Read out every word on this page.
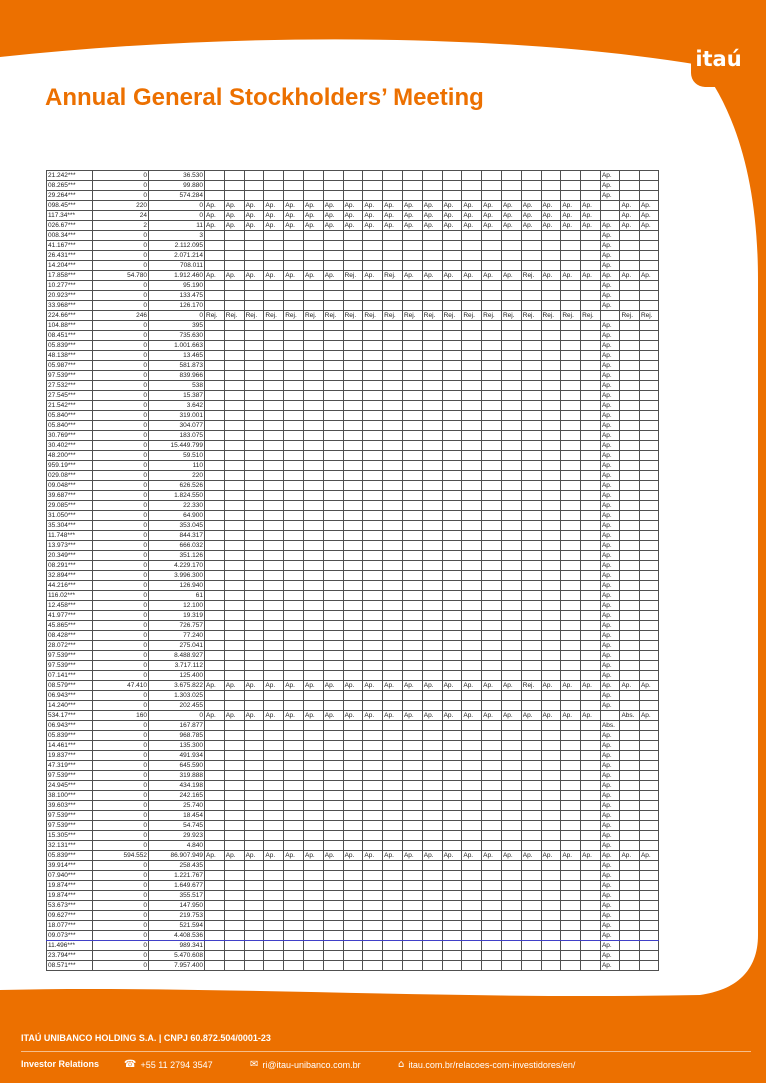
itaú
Annual General Stockholders’ Meeting
21.242***	0	36.530																					Ap.		
08.265***	0	99.880																					Ap.		
29.264***	0	574.284																					Ap.		
098.45***	220	0	Ap.	Ap.	Ap.	Ap.	Ap.	Ap.	Ap.	Ap.	Ap.	Ap.	Ap.	Ap.	Ap.	Ap.	Ap.	Ap.	Ap.	Ap.	Ap.	Ap.		Ap.	Ap.
117.34***	24	0	Ap.	Ap.	Ap.	Ap.	Ap.	Ap.	Ap.	Ap.	Ap.	Ap.	Ap.	Ap.	Ap.	Ap.	Ap.	Ap.	Ap.	Ap.	Ap.	Ap.		Ap.	Ap.
026.67***	2	11	Ap.	Ap.	Ap.	Ap.	Ap.	Ap.	Ap.	Ap.	Ap.	Ap.	Ap.	Ap.	Ap.	Ap.	Ap.	Ap.	Ap.	Ap.	Ap.	Ap.	Ap.	Ap.	Ap.
008.34***	0	3																					Ap.		
41.167***	0	2.112.095																					Ap.		
26.431***	0	2.071.214																					Ap.		
14.204***	0	708.011																					Ap.		
17.858***	54.780	1.912.460	Ap.	Ap.	Ap.	Ap.	Ap.	Ap.	Ap.	Rej.	Ap.	Rej.	Ap.	Ap.	Ap.	Ap.	Ap.	Ap.	Rej.	Ap.	Ap.	Ap.	Ap.	Ap.	Ap.
10.277***	0	95.190																					Ap.		
20.923***	0	133.475																					Ap.		
33.968***	0	126.170																					Ap.		
224.66***	246	0	Rej.	Rej.	Rej.	Rej.	Rej.	Rej.	Rej.	Rej.	Rej.	Rej.	Rej.	Rej.	Rej.	Rej.	Rej.	Rej.	Rej.	Rej.	Rej.	Rej.		Rej.	Rej.
104.88***	0	395																					Ap.		
08.451***	0	735.630																					Ap.		
05.839***	0	1.001.663																					Ap.		
48.138***	0	13.465																					Ap.		
05.987***	0	581.873																					Ap.		
97.539***	0	839.966																					Ap.		
27.532***	0	538																					Ap.		
27.545***	0	15.387																					Ap.		
21.542***	0	3.642																					Ap.		
05.840***	0	319.001																					Ap.		
05.840***	0	304.077																					Ap.		
30.769***	0	183.075																					Ap.		
30.402***	0	15.449.799																					Ap.		
48.200***	0	59.510																					Ap.		
959.19***	0	110																					Ap.		
029.08***	0	220																					Ap.		
09.048***	0	626.526																					Ap.		
39.687***	0	1.824.550																					Ap.		
29.085***	0	22.330																					Ap.		
31.050***	0	64.900																					Ap.		
35.304***	0	353.045																					Ap.		
11.748***	0	844.317																					Ap.		
13.973***	0	666.032																					Ap.		
20.349***	0	351.126																					Ap.		
08.291***	0	4.229.170																					Ap.		
32.894***	0	3.996.300																					Ap.		
44.216***	0	126.940																					Ap.		
116.02***	0	61																					Ap.		
12.458***	0	12.100																					Ap.		
41.977***	0	19.319																					Ap.		
45.865***	0	726.757																					Ap.		
08.428***	0	77.240																					Ap.		
28.072***	0	275.041																					Ap.		
97.539***	0	8.488.927																					Ap.		
97.539***	0	3.717.112																					Ap.		
07.141***	0	125.400																					Ap.		
08.579***	47.410	3.675.822	Ap.	Ap.	Ap.	Ap.	Ap.	Ap.	Ap.	Ap.	Ap.	Ap.	Ap.	Ap.	Ap.	Ap.	Ap.	Ap.	Rej.	Ap.	Ap.	Ap.	Ap.	Ap.	Ap.
06.943***	0	1.303.025																					Ap.		
14.240***	0	202.455																					Ap.		
534.17***	160	0	Ap.	Ap.	Ap.	Ap.	Ap.	Ap.	Ap.	Ap.	Ap.	Ap.	Ap.	Ap.	Ap.	Ap.	Ap.	Ap.	Ap.	Ap.	Ap.	Ap.		Abs.	Ap.
06.943***	0	167.877																					Abs.		
05.839***	0	968.785																					Ap.		
14.461***	0	135.300																					Ap.		
19.837***	0	491.934																					Ap.		
47.319***	0	645.590																					Ap.		
97.539***	0	319.888																					Ap.		
24.945***	0	434.198																					Ap.		
38.100***	0	242.165																					Ap.		
39.603***	0	25.740																					Ap.		
97.539***	0	18.454																					Ap.		
97.539***	0	54.745																					Ap.		
15.305***	0	29.923																					Ap.		
32.131***	0	4.840																					Ap.		
05.839***	594.552	86.907.949	Ap.	Ap.	Ap.	Ap.	Ap.	Ap.	Ap.	Ap.	Ap.	Ap.	Ap.	Ap.	Ap.	Ap.	Ap.	Ap.	Ap.	Ap.	Ap.	Ap.	Ap.	Ap.	Ap.
39.914***	0	258.435																					Ap.		
07.940***	0	1.221.767																					Ap.		
19.874***	0	1.649.677																					Ap.		
19.874***	0	355.517																					Ap.		
53.673***	0	147.950																					Ap.		
09.627***	0	219.753																					Ap.		
18.077***	0	521.594																					Ap.		
09.073***	0	4.408.536																					Ap.		
11.496***	0	989.341																					Ap.		
23.794***	0	5.470.608																					Ap.		
08.571***	0	7.957.400																					Ap.		

ITAÚ UNIBANCO HOLDING S.A. | CNPJ 60.872.504/0001-23

Investor Relations ☎ +55 11 2794 3547	✉ ri@itau-unibanco.com.br	⌂ itau.com.br/relacoes-com-investidores/en/
